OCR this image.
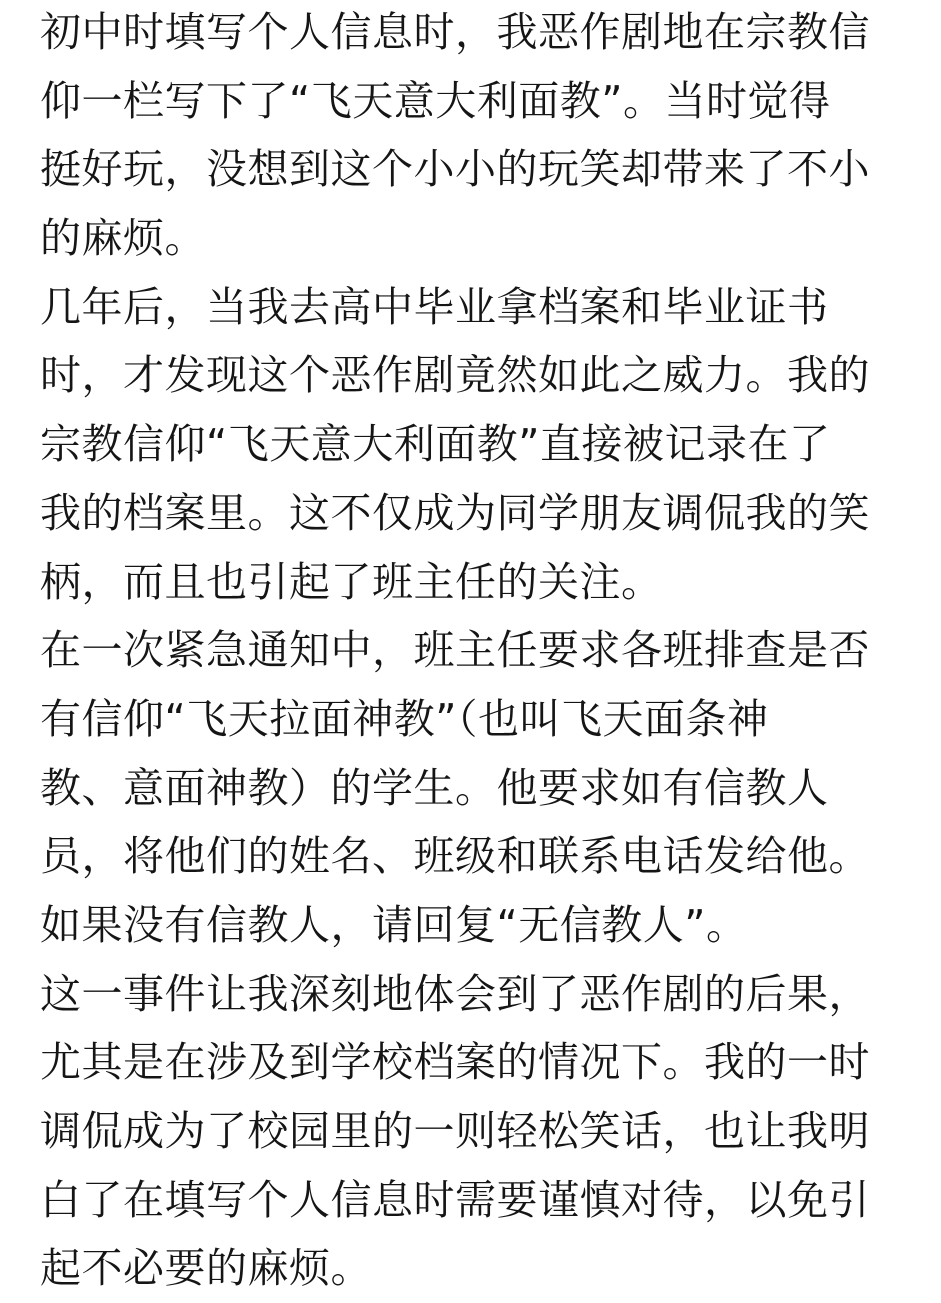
初中时填写个人信息时，我恶作剧地在宗教信
仰一栏写下了“飞天意大利面教”。当时觉得
挺好玩，没想到这个小小的玩笑却带来了不小
的麻烦。
几年后，当我去高中毕业拿档案和毕业证书
时，才发现这个恶作剧竟然如此之威力。我的
宗教信仰“飞天意大利面教”直接被记录在了
我的档案里。这不仅成为同学朋友调侃我的笑
柄，而且也引起了班主任的关注。
在一次紧急通知中，班主任要求各班排查是否
有信仰“飞天拉面神教”（也叫飞天面条神
教、意面神教）的学生。他要求如有信教人
员，将他们的姓名、班级和联系电话发给他。
如果没有信教人，请回复“无信教人”。
这一事件让我深刻地体会到了恶作剧的后果，
尤其是在涉及到学校档案的情况下。我的一时
调侃成为了校园里的一则轻松笑话，也让我明
白了在填写个人信息时需要谨慎对待，以免引
起不必要的麻烦。
